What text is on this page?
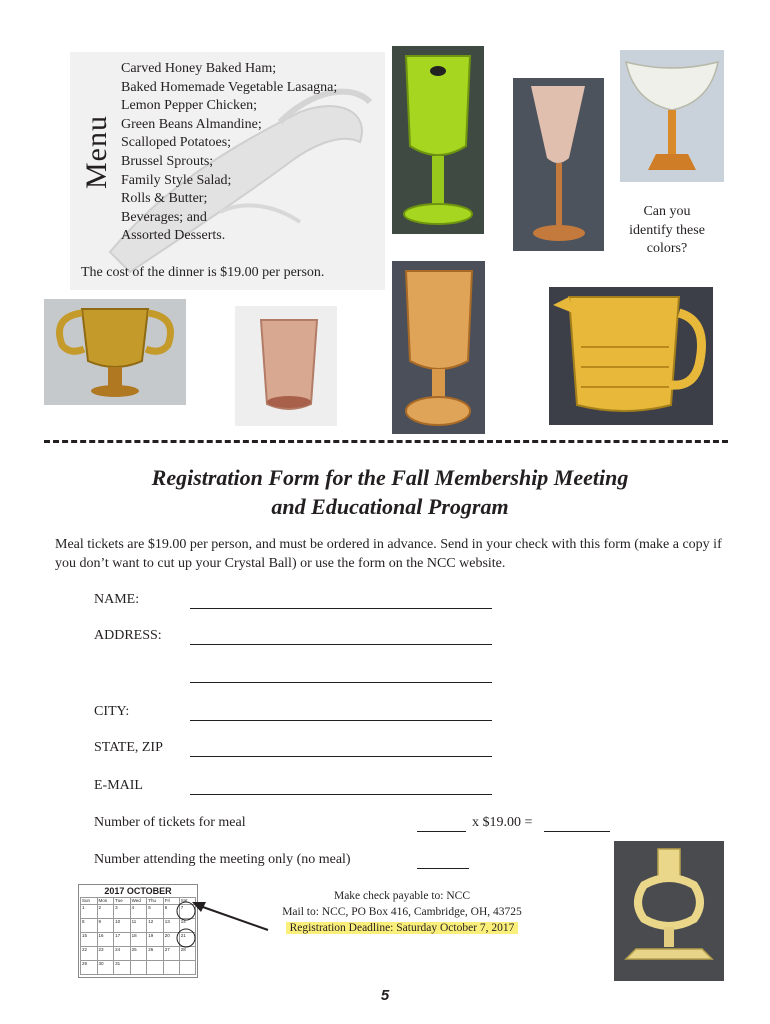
Menu
Carved Honey Baked Ham;
Baked Homemade Vegetable Lasagna;
Lemon Pepper Chicken;
Green Beans Almandine;
Scalloped Potatoes;
Brussel Sprouts;
Family Style Salad;
Rolls & Butter;
Beverages; and
Assorted Desserts.
The cost of the dinner is $19.00 per person.
Can you
identify these
colors?
Registration Form for the Fall Membership Meeting
and Educational Program
Meal tickets are $19.00 per person, and must be ordered in advance. Send in your check with this form (make a copy if you don’t want to cut up your Crystal Ball) or use the form on the NCC website.
NAME:
ADDRESS:
CITY:
STATE, ZIP
E-MAIL
Number of tickets for meal	x $19.00 =
Number attending the meeting only (no meal)
2017 OCTOBER
Sun	Mon	Tue	Wed	Thu	Fri	Sat
1	2	3	4	5	6	7
8	9	10	11	12	13	14
15	16	17	18	19	20	21
22	23	24	25	26	27	28
29	30	31				
Make check payable to: NCC
Mail to: NCC, PO Box 416, Cambridge, OH, 43725
Registration Deadline: Saturday October 7, 2017
5
